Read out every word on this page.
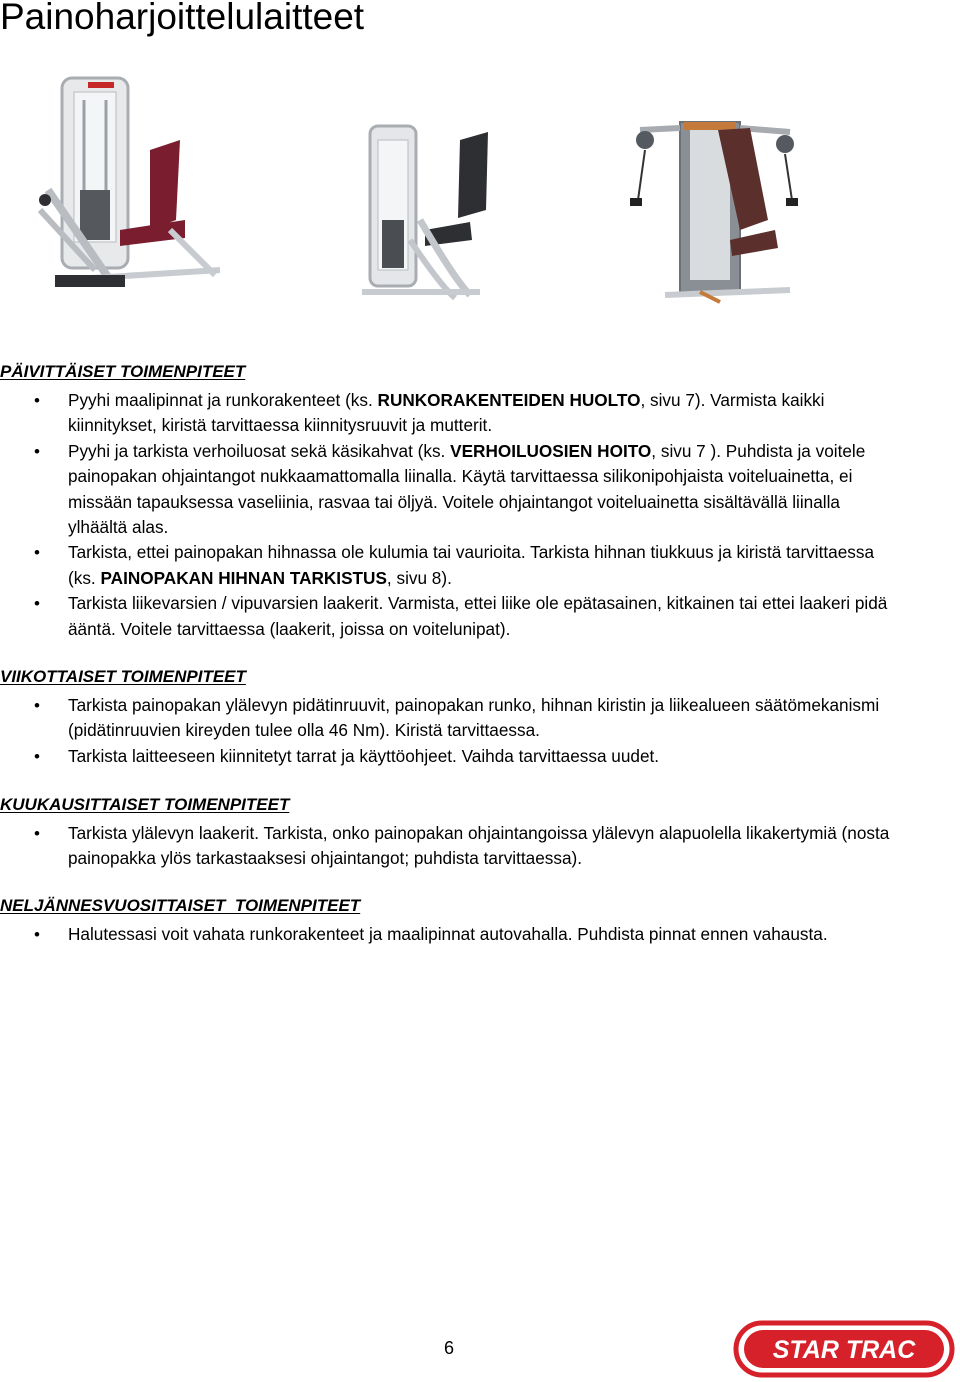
Painoharjoittelulaitteet
PÄIVITTÄISET TOIMENPITEET
• Pyyhi maalipinnat ja runkorakenteet (ks. RUNKORAKENTEIDEN HUOLTO, sivu 7). Varmista kaikki kiinnitykset, kiristä tarvittaessa kiinnitysruuvit ja mutterit.
• Pyyhi ja tarkista verhoiluosat sekä käsikahvat (ks. VERHOILUOSIEN HOITO, sivu 7 ). Puhdista ja voitele painopakan ohjaintangot nukkaamattomalla liinalla. Käytä tarvittaessa silikonipohjaista voiteluainetta, ei missään tapauksessa vaseliinia, rasvaa tai öljyä. Voitele ohjaintangot voiteluainetta sisältävällä liinalla ylhäältä alas.
• Tarkista, ettei painopakan hihnassa ole kulumia tai vaurioita. Tarkista hihnan tiukkuus ja kiristä tarvittaessa (ks. PAINOPAKAN HIHNAN TARKISTUS, sivu 8).
• Tarkista liikevarsien / vipuvarsien laakerit. Varmista, ettei liike ole epätasainen, kitkainen tai ettei laakeri pidä ääntä. Voitele tarvittaessa (laakerit, joissa on voitelunipat).
VIIKOTTAISET TOIMENPITEET
• Tarkista painopakan ylälevyn pidätinruuvit, painopakan runko, hihnan kiristin ja liikealueen säätömekanismi (pidätinruuvien kireyden tulee olla 46 Nm). Kiristä tarvittaessa.
• Tarkista laitteeseen kiinnitetyt tarrat ja käyttöohjeet. Vaihda tarvittaessa uudet.
KUUKAUSITTAISET TOIMENPITEET
• Tarkista ylälevyn laakerit. Tarkista, onko painopakan ohjaintangoissa ylälevyn alapuolella likakertymiä (nosta painopakka ylös tarkastaaksesi ohjaintangot; puhdista tarvittaessa).
NELJÄNNESVUOSITTAISET  TOIMENPITEET
• Halutessasi voit vahata runkorakenteet ja maalipinnat autovahalla. Puhdista pinnat ennen vahausta.
6	STAR TRAC
